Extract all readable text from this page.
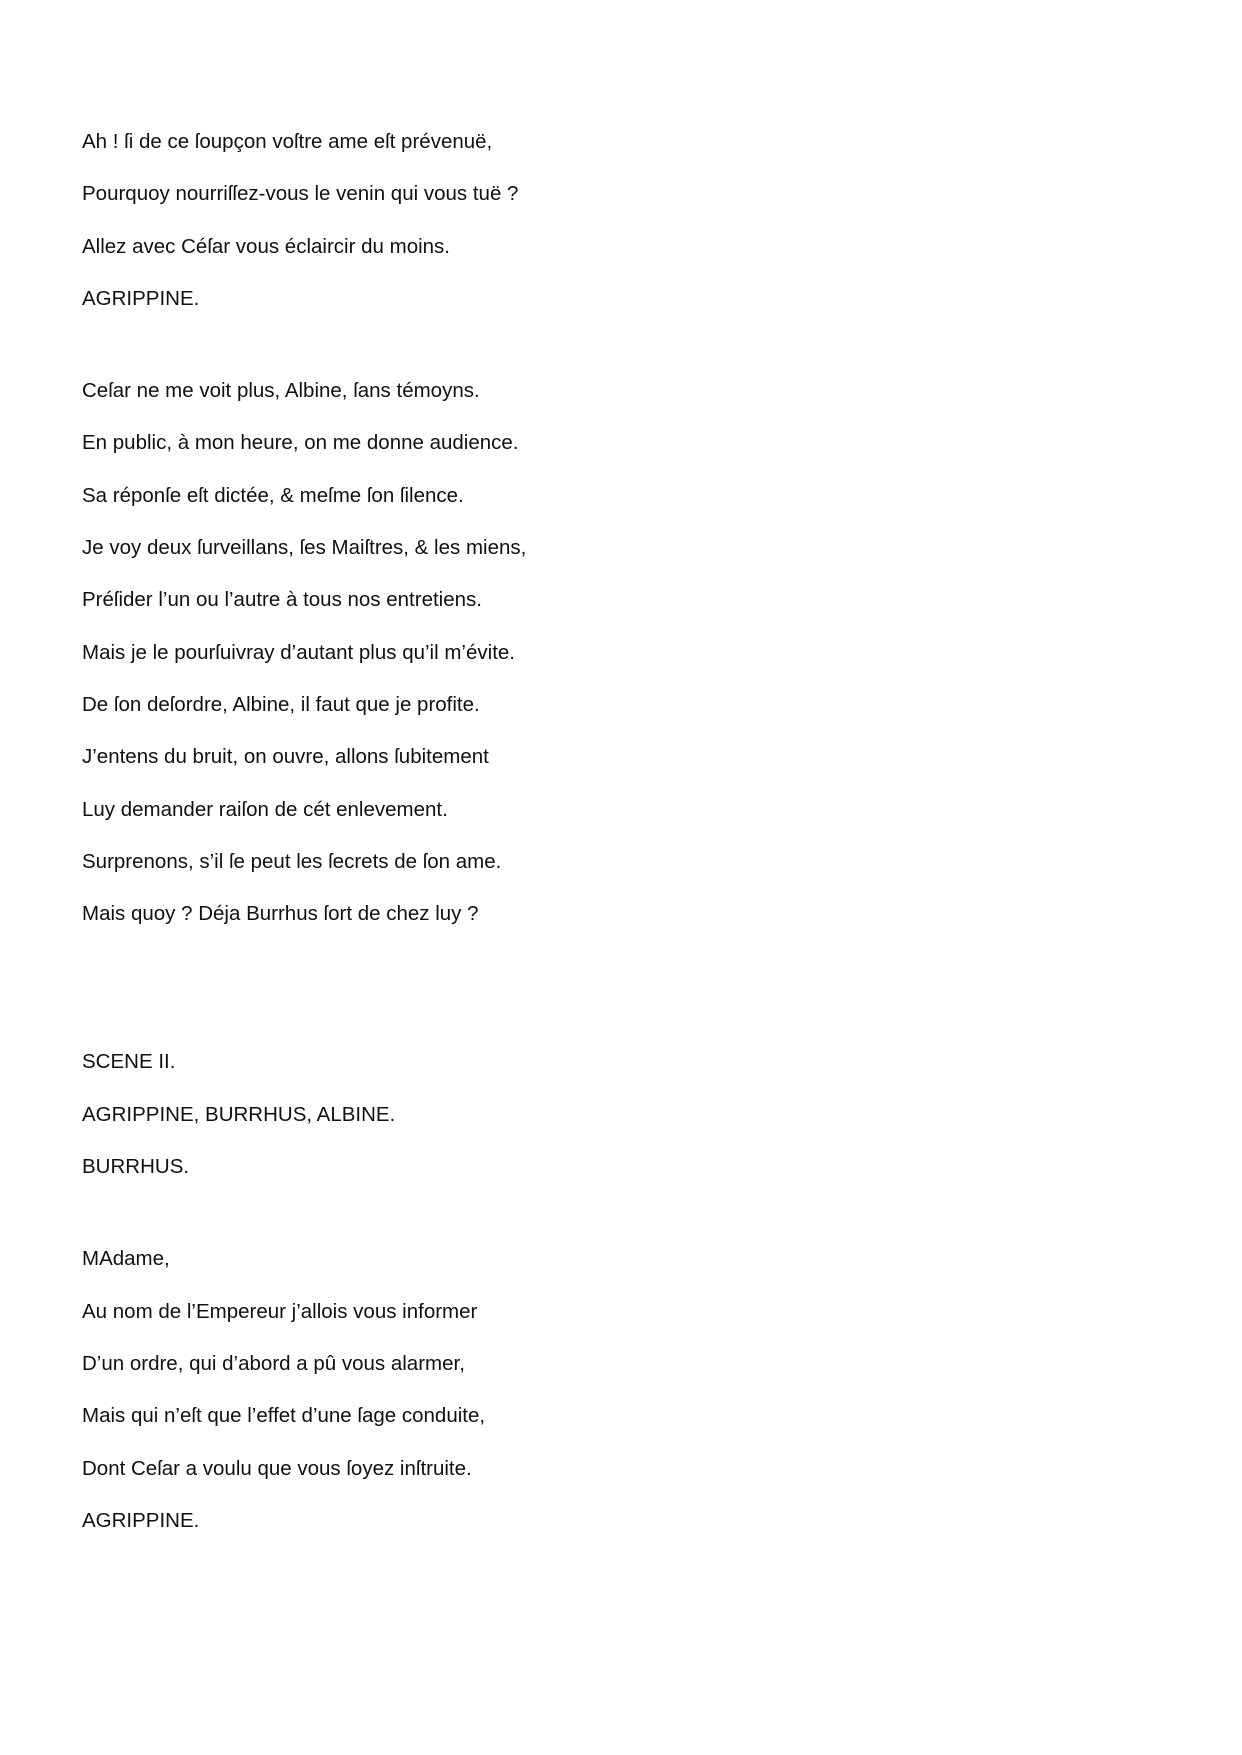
Ah ! ſi de ce ſoupçon voſtre ame eſt prévenuë,
Pourquoy nourriſſez-vous le venin qui vous tuë ?
Allez avec Céſar vous éclaircir du moins.
AGRIPPINE.
Ceſar ne me voit plus, Albine, ſans témoyns.
En public, à mon heure, on me donne audience.
Sa réponſe eſt dictée, & meſme ſon ſilence.
Je voy deux ſurveillans, ſes Maiſtres, & les miens,
Préſider l’un ou l’autre à tous nos entretiens.
Mais je le pourſuivray d’autant plus qu’il m’évite.
De ſon deſordre, Albine, il faut que je profite.
J’entens du bruit, on ouvre, allons ſubitement
Luy demander raiſon de cét enlevement.
Surprenons, s’il ſe peut les ſecrets de ſon ame.
Mais quoy ? Déja Burrhus ſort de chez luy ?
SCENE II.
AGRIPPINE, BURRHUS, ALBINE.
BURRHUS.
MAdame,
Au nom de l’Empereur j’allois vous informer
D’un ordre, qui d’abord a pû vous alarmer,
Mais qui n’eſt que l’effet d’une ſage conduite,
Dont Ceſar a voulu que vous ſoyez inſtruite.
AGRIPPINE.
